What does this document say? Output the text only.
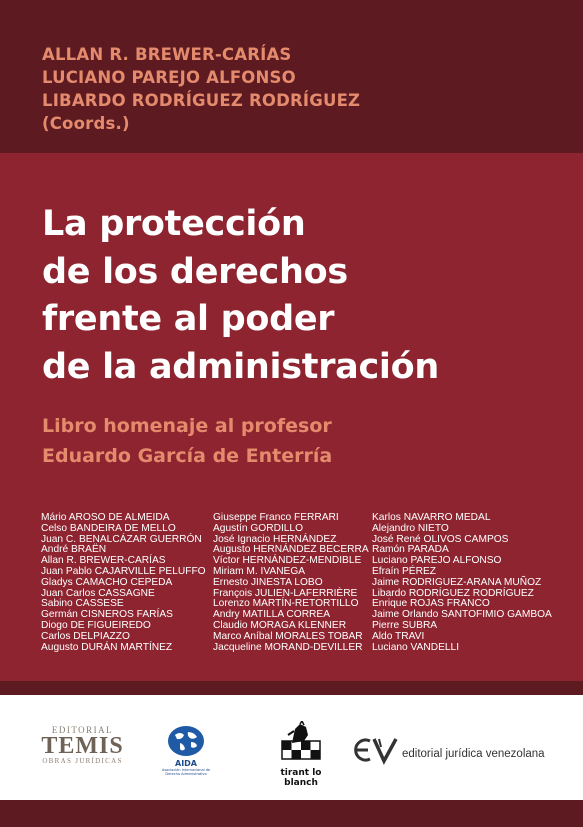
ALLAN R. BREWER-CARÍAS
LUCIANO PAREJO ALFONSO
LIBARDO RODRÍGUEZ RODRÍGUEZ
(Coords.)
La protección
de los derechos
frente al poder
de la administración
Libro homenaje al profesor
Eduardo García de Enterría
Mário AROSO DE ALMEIDA
Celso BANDEIRA DE MELLO
Juan C. BENALCÁZAR GUERRÓN
André BRAËN
Allan R. BREWER-CARÍAS
Juan Pablo CAJARVILLE PELUFFO
Gladys CAMACHO CEPEDA
Juan Carlos CASSAGNE
Sabino CASSESE
Germán CISNEROS FARÍAS
Diogo DE FIGUEIREDO
Carlos DELPIAZZO
Augusto DURÁN MARTÍNEZ
Giuseppe Franco FERRARI
Agustín GORDILLO
José Ignacio HERNÁNDEZ
Augusto HERNÁNDEZ BECERRA
Víctor HERNÁNDEZ-MENDIBLE
Miriam M. IVANEGA
Ernesto JINESTA LOBO
François JULIEN-LAFERRIÈRE
Lorenzo MARTÍN-RETORTILLO
Andry MATILLA CORREA
Claudio MORAGA KLENNER
Marco Aníbal MORALES TOBAR
Jacqueline MORAND-DEVILLER
Karlos NAVARRO MEDAL
Alejandro NIETO
José René OLIVOS CAMPOS
Ramón PARADA
Luciano PAREJO ALFONSO
Efraín PÉREZ
Jaime RODRIGUEZ-ARANA MUÑOZ
Libardo RODRÍGUEZ RODRÍGUEZ
Enrique ROJAS FRANCO
Jaime Orlando SANTOFIMIO GAMBOA
Pierre SUBRA
Aldo TRAVI
Luciano VANDELLI
EDITORIAL
TEMIS
OBRAS JURÍDICAS	AIDA
Asociación Internacional de Derecho Administrativo	tirant lo blanch
editorial jurídica venezolana
